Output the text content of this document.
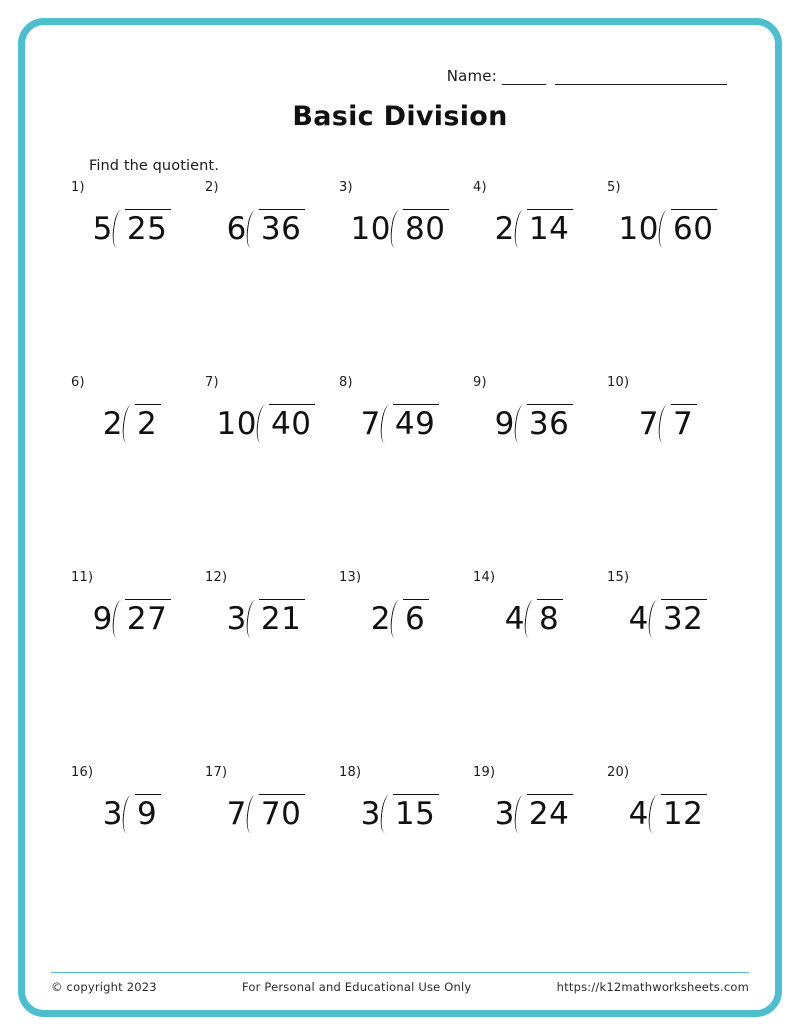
Name:
Basic Division
Find the quotient.
1)
5 25
2)
6 36
3)
10 80
4)
2 14
5)
10 60
6)
2 2
7)
10 40
8)
7 49
9)
9 36
10)
7 7
11)
9 27
12)
3 21
13)
2 6
14)
4 8
15)
4 32
16)
3 9
17)
7 70
18)
3 15
19)
3 24
20)
4 12
© copyright 2023	For Personal and Educational Use Only	https://k12mathworksheets.com
